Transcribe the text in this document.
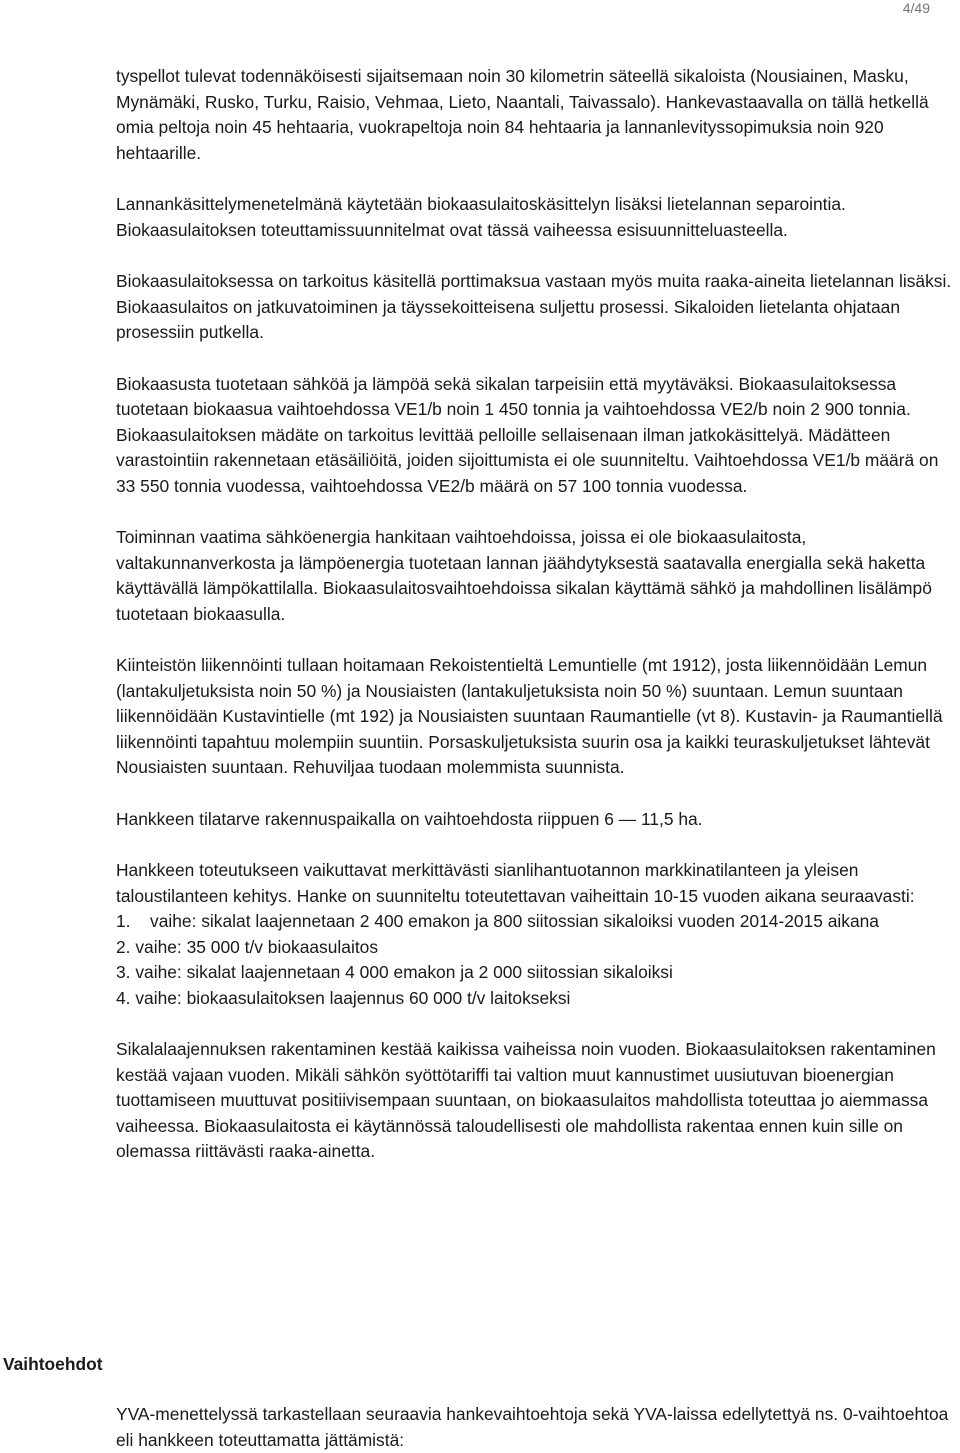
4/49

tyspellot tulevat todennäköisesti sijaitsemaan noin 30 kilometrin säteellä sikaloista (Nousiainen, Masku, Mynämäki, Rusko, Turku, Raisio, Vehmaa, Lieto, Naantali, Taivassalo). Hankevastaavalla on tällä hetkellä omia peltoja noin 45 hehtaaria, vuokrapeltoja noin 84 hehtaaria ja lannanlevityssopimuksia noin 920 hehtaarille.

Lannankäsittelymenetelmänä käytetään biokaasulaitoskäsittelyn lisäksi lietelannan separointia. Biokaasulaitoksen toteuttamissuunnitelmat ovat tässä vaiheessa esisuunnitteluasteella.

Biokaasulaitoksessa on tarkoitus käsitellä porttimaksua vastaan myös muita raaka-aineita lietelannan lisäksi. Biokaasulaitos on jatkuvatoiminen ja täyssekoitteisena suljettu prosessi. Sikaloiden lietelanta ohjataan prosessiin putkella.

Biokaasusta tuotetaan sähköä ja lämpöä sekä sikalan tarpeisiin että myytäväksi. Biokaasulaitoksessa tuotetaan biokaasua vaihtoehdossa VE1/b noin 1 450 tonnia ja vaihtoehdossa VE2/b noin 2 900 tonnia. Biokaasulaitoksen mädäte on tarkoitus levittää pelloille sellaisenaan ilman jatkokäsittelyä. Mädätteen varastointiin rakennetaan etäsäiliöitä, joiden sijoittumista ei ole suunniteltu. Vaihtoehdossa VE1/b määrä on 33 550 tonnia vuodessa, vaihtoehdossa VE2/b määrä on 57 100 tonnia vuodessa.

Toiminnan vaatima sähköenergia hankitaan vaihtoehdoissa, joissa ei ole biokaasulaitosta, valtakunnanverkosta ja lämpöenergia tuotetaan lannan jäähdytyksestä saatavalla energialla sekä haketta käyttävällä lämpökattilalla. Biokaasulaitosvaihtoehdoissa sikalan käyttämä sähkö ja mahdollinen lisälämpö tuotetaan biokaasulla.

Kiinteistön liikennöinti tullaan hoitamaan Rekoistentieltä Lemuntielle (mt 1912), josta liikennöidään Lemun (lantakuljetuksista noin 50 %) ja Nousiaisten (lantakuljetuksista noin 50 %) suuntaan. Lemun suuntaan liikennöidään Kustavintielle (mt 192) ja Nousiaisten suuntaan Raumantielle (vt 8). Kustavin- ja Raumantiellä liikennöinti tapahtuu molempiin suuntiin. Porsaskuljetuksista suurin osa ja kaikki teuraskuljetukset lähtevät Nousiaisten suuntaan. Rehuviljaa tuodaan molemmista suunnista.

Hankkeen tilatarve rakennuspaikalla on vaihtoehdosta riippuen 6 — 11,5 ha.

Hankkeen toteutukseen vaikuttavat merkittävästi sianlihantuotannon markkinatilanteen ja yleisen taloustilanteen kehitys. Hanke on suunniteltu toteutettavan vaiheittain 10-15 vuoden aikana seuraavasti:

1.	vaihe: sikalat laajennetaan 2 400 emakon ja 800 siitossian sikaloiksi vuoden 2014-2015 aikana
2.
vaihe: 35 000 t/v biokaasulaitos
3.
vaihe: sikalat laajennetaan 4 000 emakon ja 2 000 siitossian sikaloiksi
4.
vaihe: biokaasulaitoksen laajennus 60 000 t/v laitokseksi

Sikalalaajennuksen rakentaminen kestää kaikissa vaiheissa noin vuoden. Biokaasulaitoksen rakentaminen kestää vajaan vuoden. Mikäli sähkön syöttötariffi tai valtion muut kannustimet uusiutuvan bioenergian tuottamiseen muuttuvat positiivisempaan suuntaan, on biokaasulaitos mahdollista toteuttaa jo aiemmassa vaiheessa. Biokaasulaitosta ei käytännössä taloudellisesti ole mahdollista rakentaa ennen kuin sille on olemassa riittävästi raaka-ainetta.

Vaihtoehdot

YVA-menettelyssä tarkastellaan seuraavia hankevaihtoehtoja sekä YVA-laissa edellytettyä ns. 0-vaihtoehtoa eli hankkeen toteuttamatta jättämistä:
